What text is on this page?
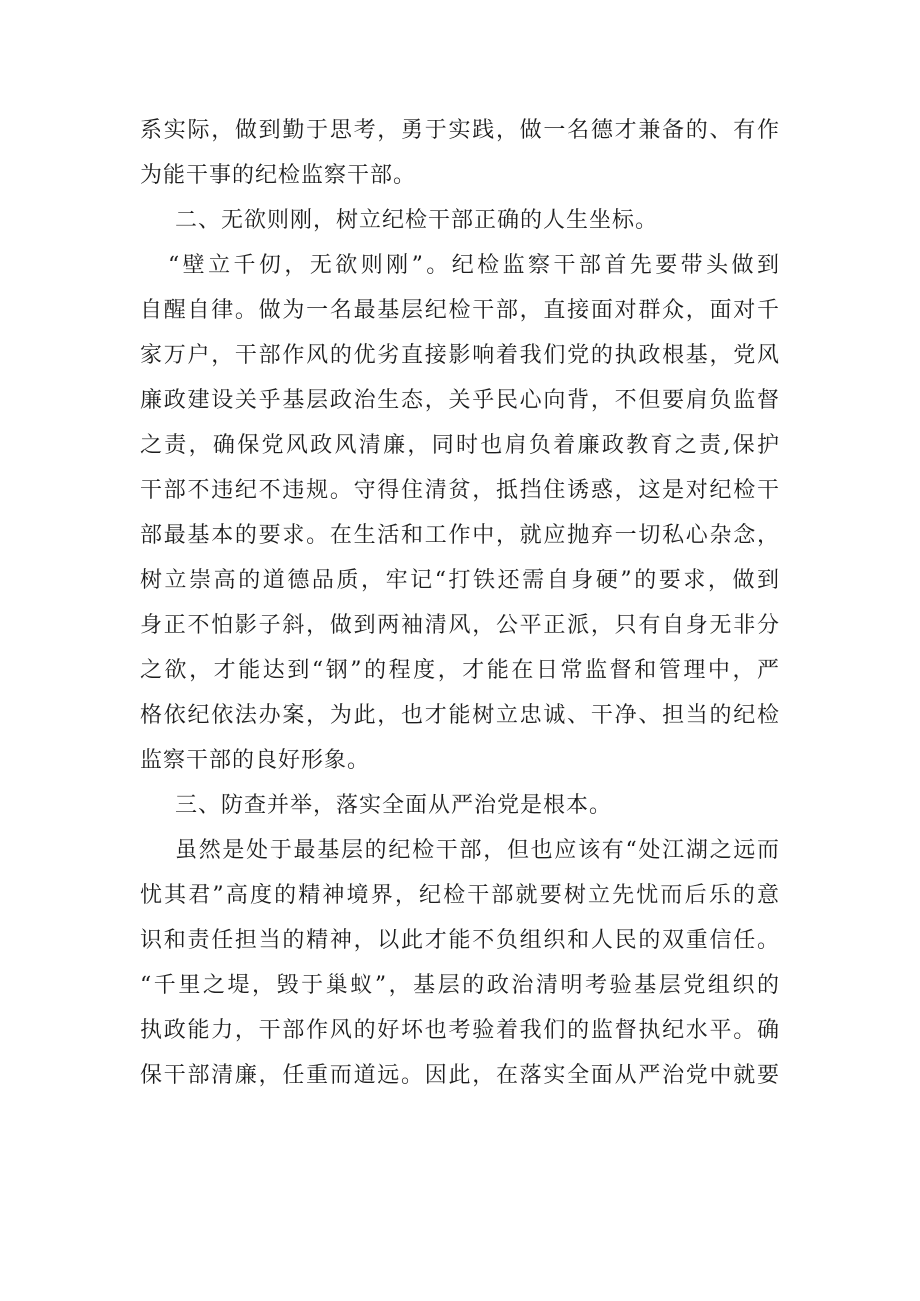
系实际，做到勤于思考，勇于实践，做一名德才兼备的、有作
为能干事的纪检监察干部。
二、无欲则刚，树立纪检干部正确的人生坐标。
“壁立千仞，无欲则刚”。纪检监察干部首先要带头做到
自醒自律。做为一名最基层纪检干部，直接面对群众，面对千
家万户，干部作风的优劣直接影响着我们党的执政根基，党风
廉政建设关乎基层政治生态，关乎民心向背，不但要肩负监督
之责，确保党风政风清廉，同时也肩负着廉政教育之责,保护
干部不违纪不违规。守得住清贫，抵挡住诱惑，这是对纪检干
部最基本的要求。在生活和工作中，就应抛弃一切私心杂念，
树立崇高的道德品质，牢记“打铁还需自身硬”的要求，做到
身正不怕影子斜，做到两袖清风，公平正派，只有自身无非分
之欲，才能达到“钢”的程度，才能在日常监督和管理中，严
格依纪依法办案，为此，也才能树立忠诚、干净、担当的纪检
监察干部的良好形象。
三、防查并举，落实全面从严治党是根本。
虽然是处于最基层的纪检干部，但也应该有“处江湖之远而
忧其君”高度的精神境界，纪检干部就要树立先忧而后乐的意
识和责任担当的精神，以此才能不负组织和人民的双重信任。
“千里之堤，毁于巢蚁”，基层的政治清明考验基层党组织的
执政能力，干部作风的好坏也考验着我们的监督执纪水平。确
保干部清廉，任重而道远。因此，在落实全面从严治党中就要
